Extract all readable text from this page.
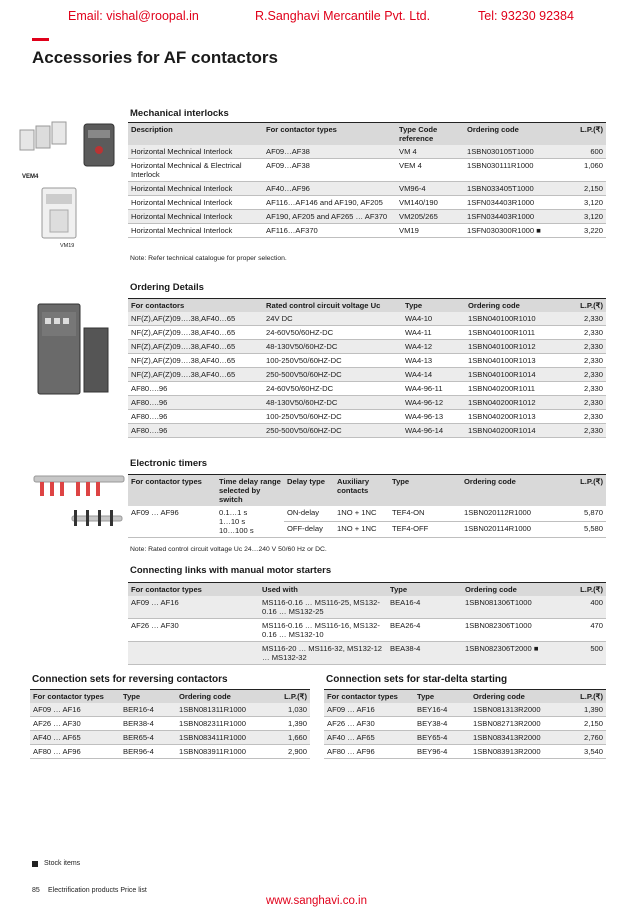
Email: vishal@roopal.in	R.Sanghavi Mercantile Pvt. Ltd.	Tel: 93230 92384
Accessories for AF contactors
Mechanical interlocks
VEM4
VM19
Description	For contactor types	Type Code reference	Ordering code	L.P.(₹)
Horizontal Mechnical Interlock	AF09…AF38	VM 4	1SBN030105T1000	600
Horizontal Mechnical & Electrical Interlock	AF09…AF38	VEM 4	1SBN030111R1000	1,060
Horizontal Mechnical Interlock	AF40…AF96	VM96-4	1SBN033405T1000	2,150
Horizontal Mechnical Interlock	AF116…AF146 and AF190, AF205	VM140/190	1SFN034403R1000	3,120
Horizontal Mechnical Interlock	AF190, AF205 and AF265 … AF370	VM205/265	1SFN034403R1000	3,120
Horizontal Mechnical Interlock	AF116…AF370	VM19	1SFN030300R1000 ■	3,220
Note: Refer technical catalogue for proper selection.
Ordering Details
For contactors	Rated control circuit voltage Uc	Type	Ordering code	L.P.(₹)
NF(Z),AF(Z)09….38,AF40…65	24V DC	WA4-10	1SBN040100R1010	2,330
NF(Z),AF(Z)09….38,AF40…65	24-60V50/60HZ-DC	WA4-11	1SBN040100R1011	2,330
NF(Z),AF(Z)09….38,AF40…65	48-130V50/60HZ-DC	WA4-12	1SBN040100R1012	2,330
NF(Z),AF(Z)09….38,AF40…65	100-250V50/60HZ-DC	WA4-13	1SBN040100R1013	2,330
NF(Z),AF(Z)09….38,AF40…65	250-500V50/60HZ-DC	WA4-14	1SBN040100R1014	2,330
AF80….96	24-60V50/60HZ-DC	WA4-96-11	1SBN040200R1011	2,330
AF80….96	48-130V50/60HZ-DC	WA4-96-12	1SBN040200R1012	2,330
AF80….96	100-250V50/60HZ-DC	WA4-96-13	1SBN040200R1013	2,330
AF80….96	250-500V50/60HZ-DC	WA4-96-14	1SBN040200R1014	2,330
Electronic timers
For contactor types	Time delay range selected by switch	Delay type	Auxiliary contacts	Type	Ordering code	L.P.(₹)
AF09 … AF96	0.1…1 s
1…10 s
10…100 s	ON-delay	1NO + 1NC	TEF4-ON	1SBN020112R1000	5,870
		OFF-delay	1NO + 1NC	TEF4-OFF	1SBN020114R1000	5,580
Note: Rated control circuit voltage Uc 24…240 V 50/60 Hz or DC.
Connecting links with manual motor starters
For contactor types	Used with	Type	Ordering code	L.P.(₹)
AF09 … AF16	MS116-0.16 … MS116-25, MS132-0.16 … MS132-25	BEA16-4	1SBN081306T1000	400
AF26 … AF30	MS116-0.16 … MS116-16, MS132-0.16 … MS132-10	BEA26-4	1SBN082306T1000	470
	MS116-20 … MS116-32, MS132-12 … MS132-32	BEA38-4	1SBN082306T2000 ■	500
Connection sets for reversing contactors
For contactor types	Type	Ordering code	L.P.(₹)
AF09 … AF16	BER16-4	1SBN081311R1000	1,030
AF26 … AF30	BER38-4	1SBN082311R1000	1,390
AF40 … AF65	BER65-4	1SBN083411R1000	1,660
AF80 … AF96	BER96-4	1SBN083911R1000	2,900
Connection sets for star-delta starting
For contactor types	Type	Ordering code	L.P.(₹)
AF09 … AF16	BEY16-4	1SBN081313R2000	1,390
AF26 … AF30	BEY38-4	1SBN082713R2000	2,150
AF40 … AF65	BEY65-4	1SBN083413R2000	2,760
AF80 … AF96	BEY96-4	1SBN083913R2000	3,540
Stock items
85 Electrification products Price list
www.sanghavi.co.in
